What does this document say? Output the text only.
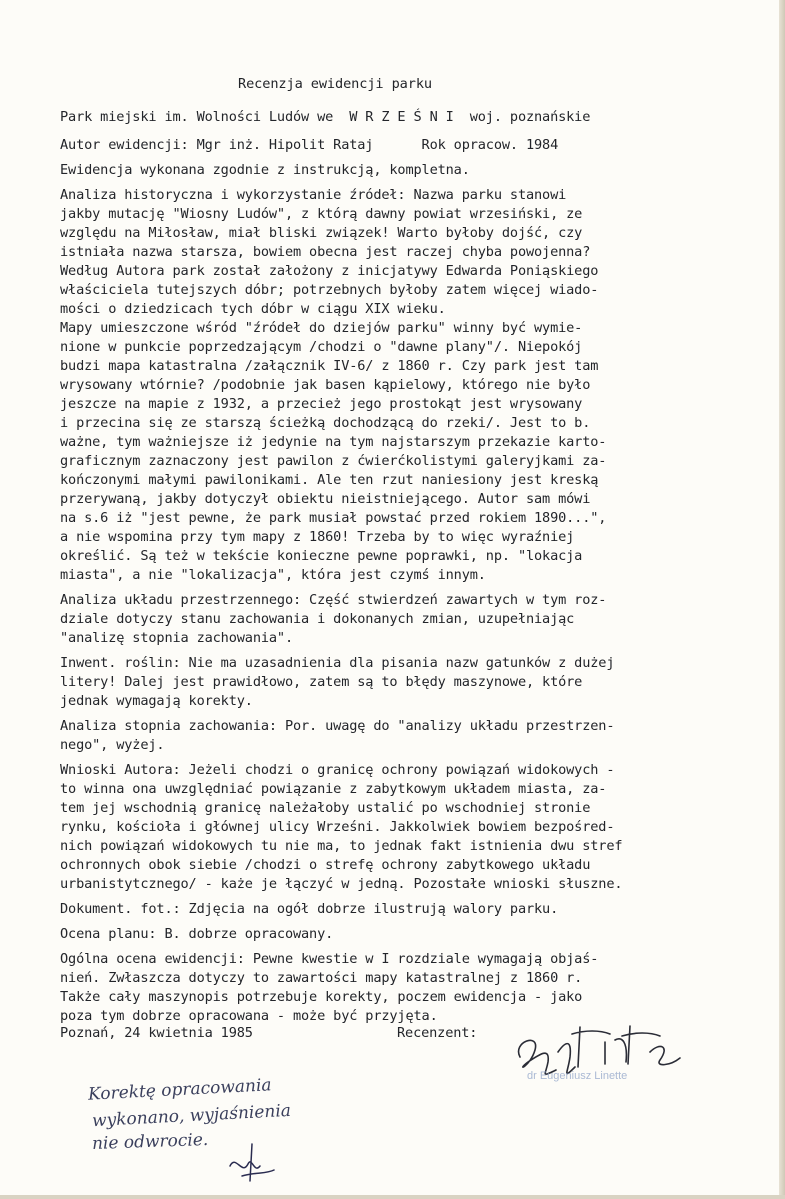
Recenzja ewidencji parku
Park miejski im. Wolności Ludów we  W R Z E Ś N I  woj. poznańskie
Autor ewidencji: Mgr inż. Hipolit Rataj      Rok opracow. 1984
Ewidencja wykonana zgodnie z instrukcją, kompletna.
Analiza historyczna i wykorzystanie źródeł: Nazwa parku stanowi
jakby mutację "Wiosny Ludów", z którą dawny powiat wrzesiński, ze
względu na Miłosław, miał bliski związek! Warto byłoby dojść, czy
istniała nazwa starsza, bowiem obecna jest raczej chyba powojenna?
Według Autora park został założony z inicjatywy Edwarda Poniąskiego
właściciela tutejszych dóbr; potrzebnych byłoby zatem więcej wiado-
mości o dziedzicach tych dóbr w ciągu XIX wieku.
Mapy umieszczone wśród "źródeł do dziejów parku" winny być wymie-
nione w punkcie poprzedzającym /chodzi o "dawne plany"/. Niepokój
budzi mapa katastralna /załącznik IV-6/ z 1860 r. Czy park jest tam
wrysowany wtórnie? /podobnie jak basen kąpielowy, którego nie było
jeszcze na mapie z 1932, a przecież jego prostokąt jest wrysowany
i przecina się ze starszą ścieżką dochodzącą do rzeki/. Jest to b.
ważne, tym ważniejsze iż jedynie na tym najstarszym przekazie karto-
graficznym zaznaczony jest pawilon z ćwierćkolistymi galeryjkami za-
kończonymi małymi pawilonikami. Ale ten rzut naniesiony jest kreską
przerywaną, jakby dotyczył obiektu nieistniejącego. Autor sam mówi
na s.6 iż "jest pewne, że park musiał powstać przed rokiem 1890...",
a nie wspomina przy tym mapy z 1860! Trzeba by to więc wyraźniej
określić. Są też w tekście konieczne pewne poprawki, np. "lokacja
miasta", a nie "lokalizacja", która jest czymś innym.
Analiza układu przestrzennego: Część stwierdzeń zawartych w tym roz-
dziale dotyczy stanu zachowania i dokonanych zmian, uzupełniając
"analizę stopnia zachowania".
Inwent. roślin: Nie ma uzasadnienia dla pisania nazw gatunków z dużej
litery! Dalej jest prawidłowo, zatem są to błędy maszynowe, które
jednak wymagają korekty.
Analiza stopnia zachowania: Por. uwagę do "analizy układu przestrzen-
nego", wyżej.
Wnioski Autora: Jeżeli chodzi o granicę ochrony powiązań widokowych -
to winna ona uwzględniać powiązanie z zabytkowym układem miasta, za-
tem jej wschodnią granicę należałoby ustalić po wschodniej stronie
rynku, kościoła i głównej ulicy Wrześni. Jakkolwiek bowiem bezpośred-
nich powiązań widokowych tu nie ma, to jednak fakt istnienia dwu stref
ochronnych obok siebie /chodzi o strefę ochrony zabytkowego układu
urbanistytcznego/ - każe je łączyć w jedną. Pozostałe wnioski słuszne.
Dokument. fot.: Zdjęcia na ogół dobrze ilustrują walory parku.
Ocena planu: B. dobrze opracowany.
Ogólna ocena ewidencji: Pewne kwestie w I rozdziale wymagają objaś-
nień. Zwłaszcza dotyczy to zawartości mapy katastralnej z 1860 r.
Także cały maszynopis potrzebuje korekty, poczem ewidencja - jako
poza tym dobrze opracowana - może być przyjęta.
Poznań, 24 kwietnia 1985	Recenzent:
dr Eugeniusz Linette
Korektę opracowania
wykonano, wyjaśnienia
nie odwrocie.
